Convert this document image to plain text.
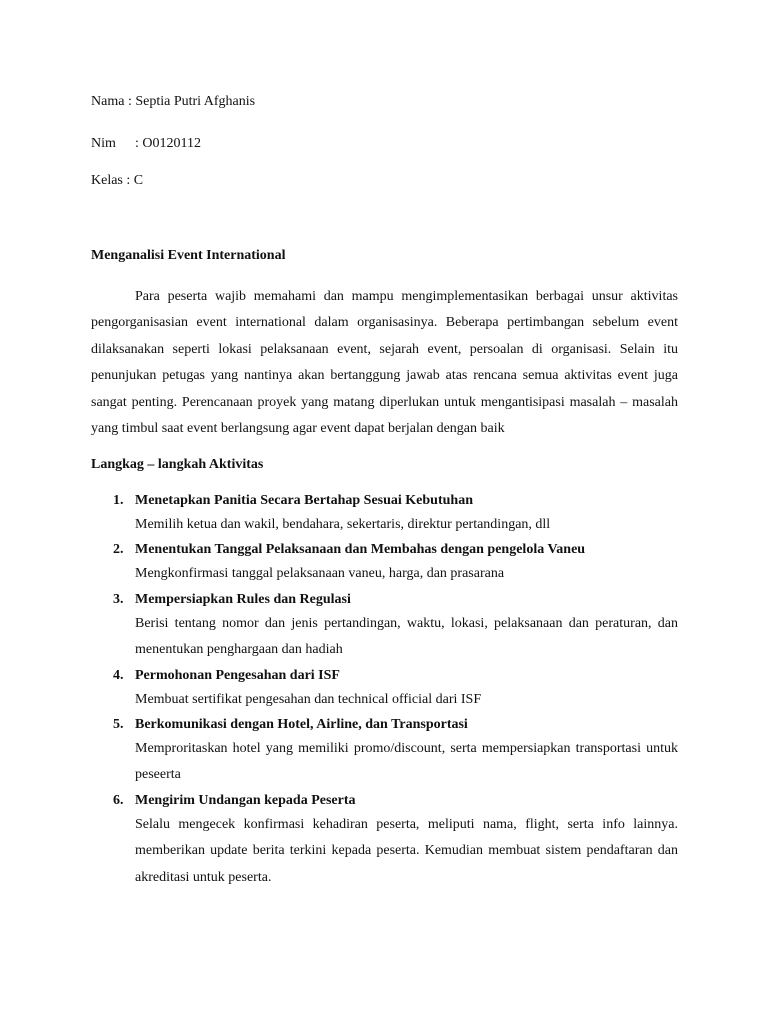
Nama : Septia Putri Afghanis
Nim : O0120112
Kelas : C
Menganalisi Event International

Para peserta wajib memahami dan mampu mengimplementasikan berbagai unsur aktivitas pengorganisasian event international dalam organisasinya. Beberapa pertimbangan sebelum event dilaksanakan seperti lokasi pelaksanaan event, sejarah event, persoalan di organisasi. Selain itu penunjukan petugas yang nantinya akan bertanggung jawab atas rencana semua aktivitas event juga sangat penting. Perencanaan proyek yang matang diperlukan untuk mengantisipasi masalah – masalah yang timbul saat event berlangsung agar event dapat berjalan dengan baik

Langkag – langkah Aktivitas
1. Menetapkan Panitia Secara Bertahap Sesuai Kebutuhan
Memilih ketua dan wakil, bendahara, sekertaris, direktur pertandingan, dll
2. Menentukan Tanggal Pelaksanaan dan Membahas dengan pengelola Vaneu
Mengkonfirmasi tanggal pelaksanaan vaneu, harga, dan prasarana
3. Mempersiapkan Rules dan Regulasi
Berisi tentang nomor dan jenis pertandingan, waktu, lokasi, pelaksanaan dan peraturan, dan menentukan penghargaan dan hadiah
4. Permohonan Pengesahan dari ISF
Membuat sertifikat pengesahan dan technical official dari ISF
5. Berkomunikasi dengan Hotel, Airline, dan Transportasi
Memproritaskan hotel yang memiliki promo/discount, serta mempersiapkan transportasi untuk peseerta
6. Mengirim Undangan kepada Peserta
Selalu mengecek konfirmasi kehadiran peserta, meliputi nama, flight, serta info lainnya. memberikan update berita terkini kepada peserta. Kemudian membuat sistem pendaftaran dan akreditasi untuk peserta.
